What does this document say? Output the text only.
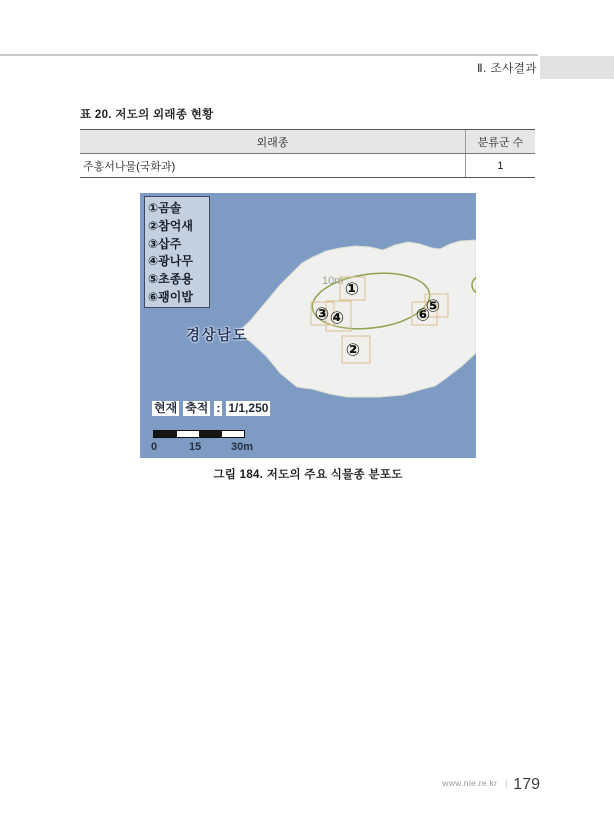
Ⅱ. 조사결과
표 20. 저도의 외래종 현황
외래종	분류군 수
주홍서나물(국화과)	1
①곰솔
②참억새
③삽주
④광나무
⑤초종용
⑥괭이밥
경상남도
10m ①
②
③ ④
⑤
⑥
현재 축적 : 1/1,250
0	15	30m
그림 184. 저도의 주요 식물종 분포도
www.nie.re.kr | 179
